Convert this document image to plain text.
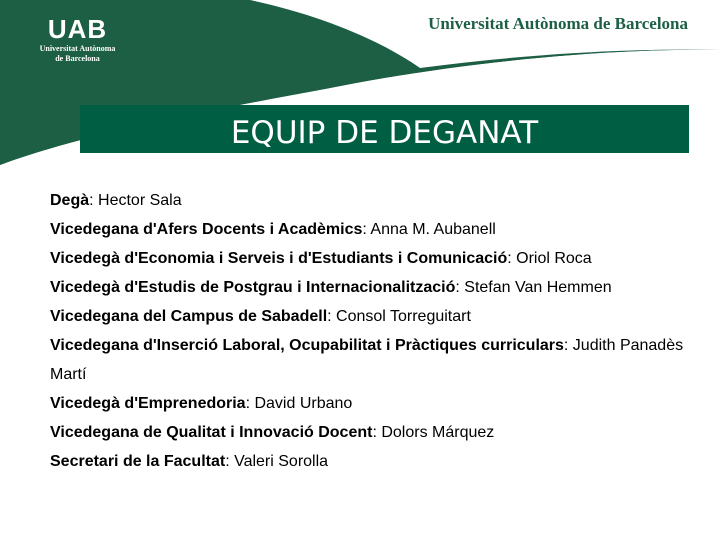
UAB
Universitat Autònoma
de Barcelona
Universitat Autònoma de Barcelona
EQUIP DE DEGANAT
Degà: Hector Sala
Vicedegana d'Afers Docents i Acadèmics: Anna M. Aubanell
Vicedegà d'Economia i Serveis i d'Estudiants i Comunicació: Oriol Roca
Vicedegà d'Estudis de Postgrau i Internacionalització: Stefan Van Hemmen
Vicedegana del Campus de Sabadell: Consol Torreguitart
Vicedegana d'Inserció Laboral, Ocupabilitat i Pràctiques curriculars: Judith Panadès Martí
Vicedegà d'Emprenedoria: David Urbano
Vicedegana de Qualitat i Innovació Docent: Dolors Márquez
Secretari de la Facultat: Valeri Sorolla
